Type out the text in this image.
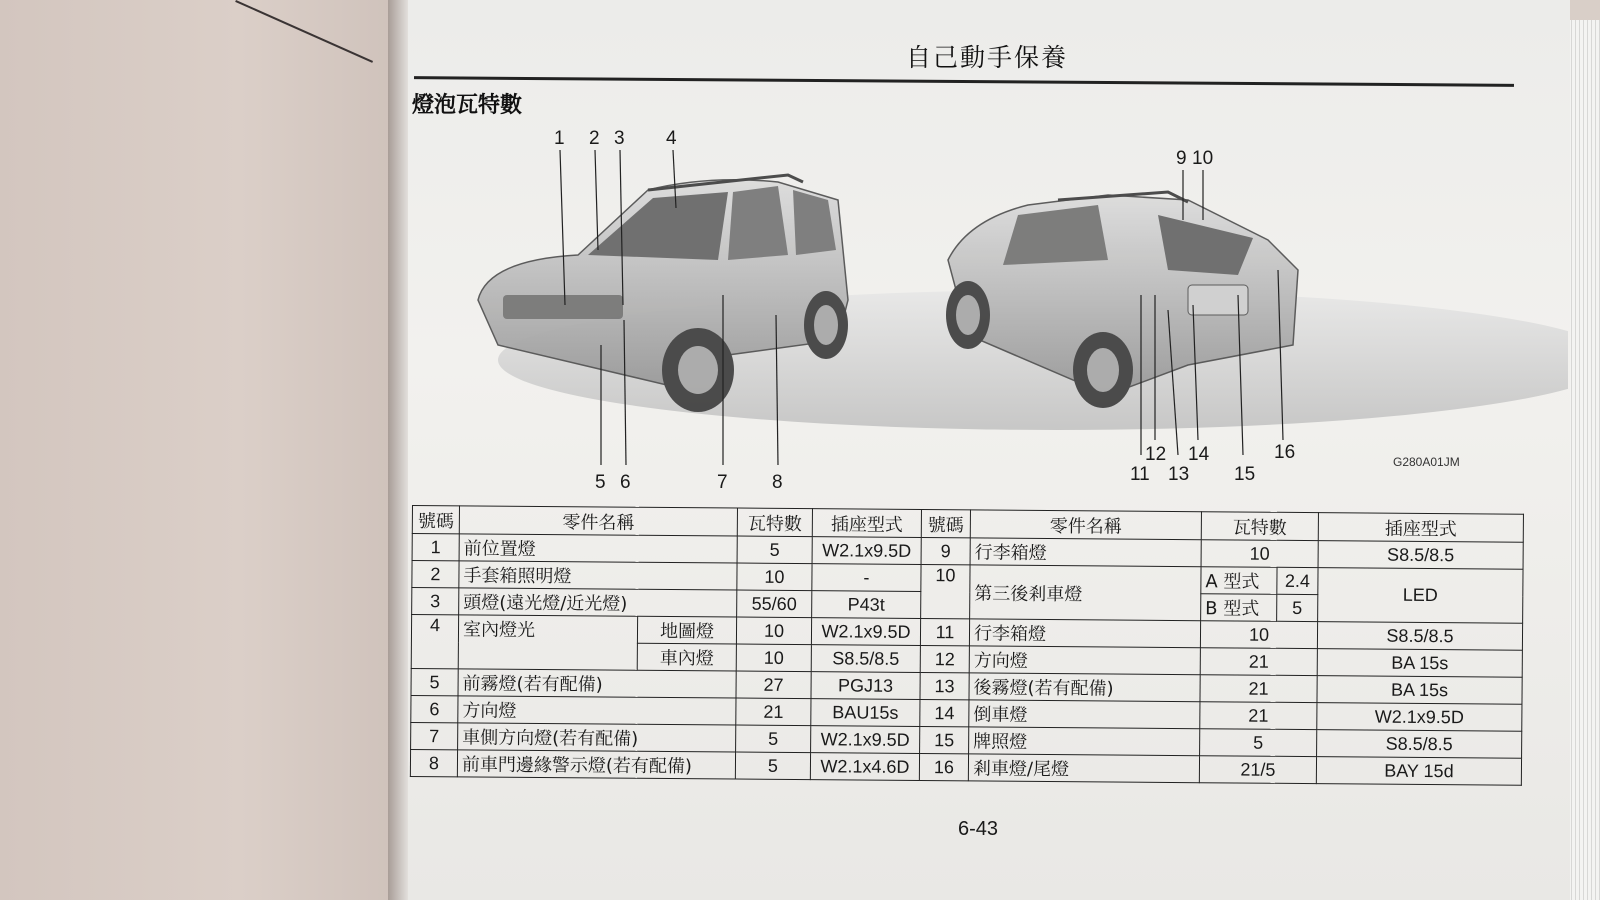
自己動手保養
燈泡瓦特數
1 2 3 4
5 6	7 8
9 10
11
12
13
14
15
16	G280A01JM
號碼	零件名稱		瓦特數	插座型式	號碼	零件名稱	瓦特數		插座型式
1	前位置燈		5	W2.1x9.5D	9	行李箱燈	10		S8.5/8.5
2	手套箱照明燈		10	-	10	第三後剎車燈	A 型式	2.4	LED
3	頭燈(遠光燈/近光燈)		55/60	P43t			B 型式	5	
4	室內燈光	地圖燈	10	W2.1x9.5D	11	行李箱燈	10		S8.5/8.5
		車內燈	10	S8.5/8.5	12	方向燈	21		BA 15s
5	前霧燈(若有配備)		27	PGJ13	13	後霧燈(若有配備)	21		BA 15s
6	方向燈		21	BAU15s	14	倒車燈	21		W2.1x9.5D
7	車側方向燈(若有配備)		5	W2.1x9.5D	15	牌照燈	5		S8.5/8.5
8	前車門邊緣警示燈(若有配備)		5	W2.1x4.6D	16	剎車燈/尾燈	21/5		BAY 15d
6-43
